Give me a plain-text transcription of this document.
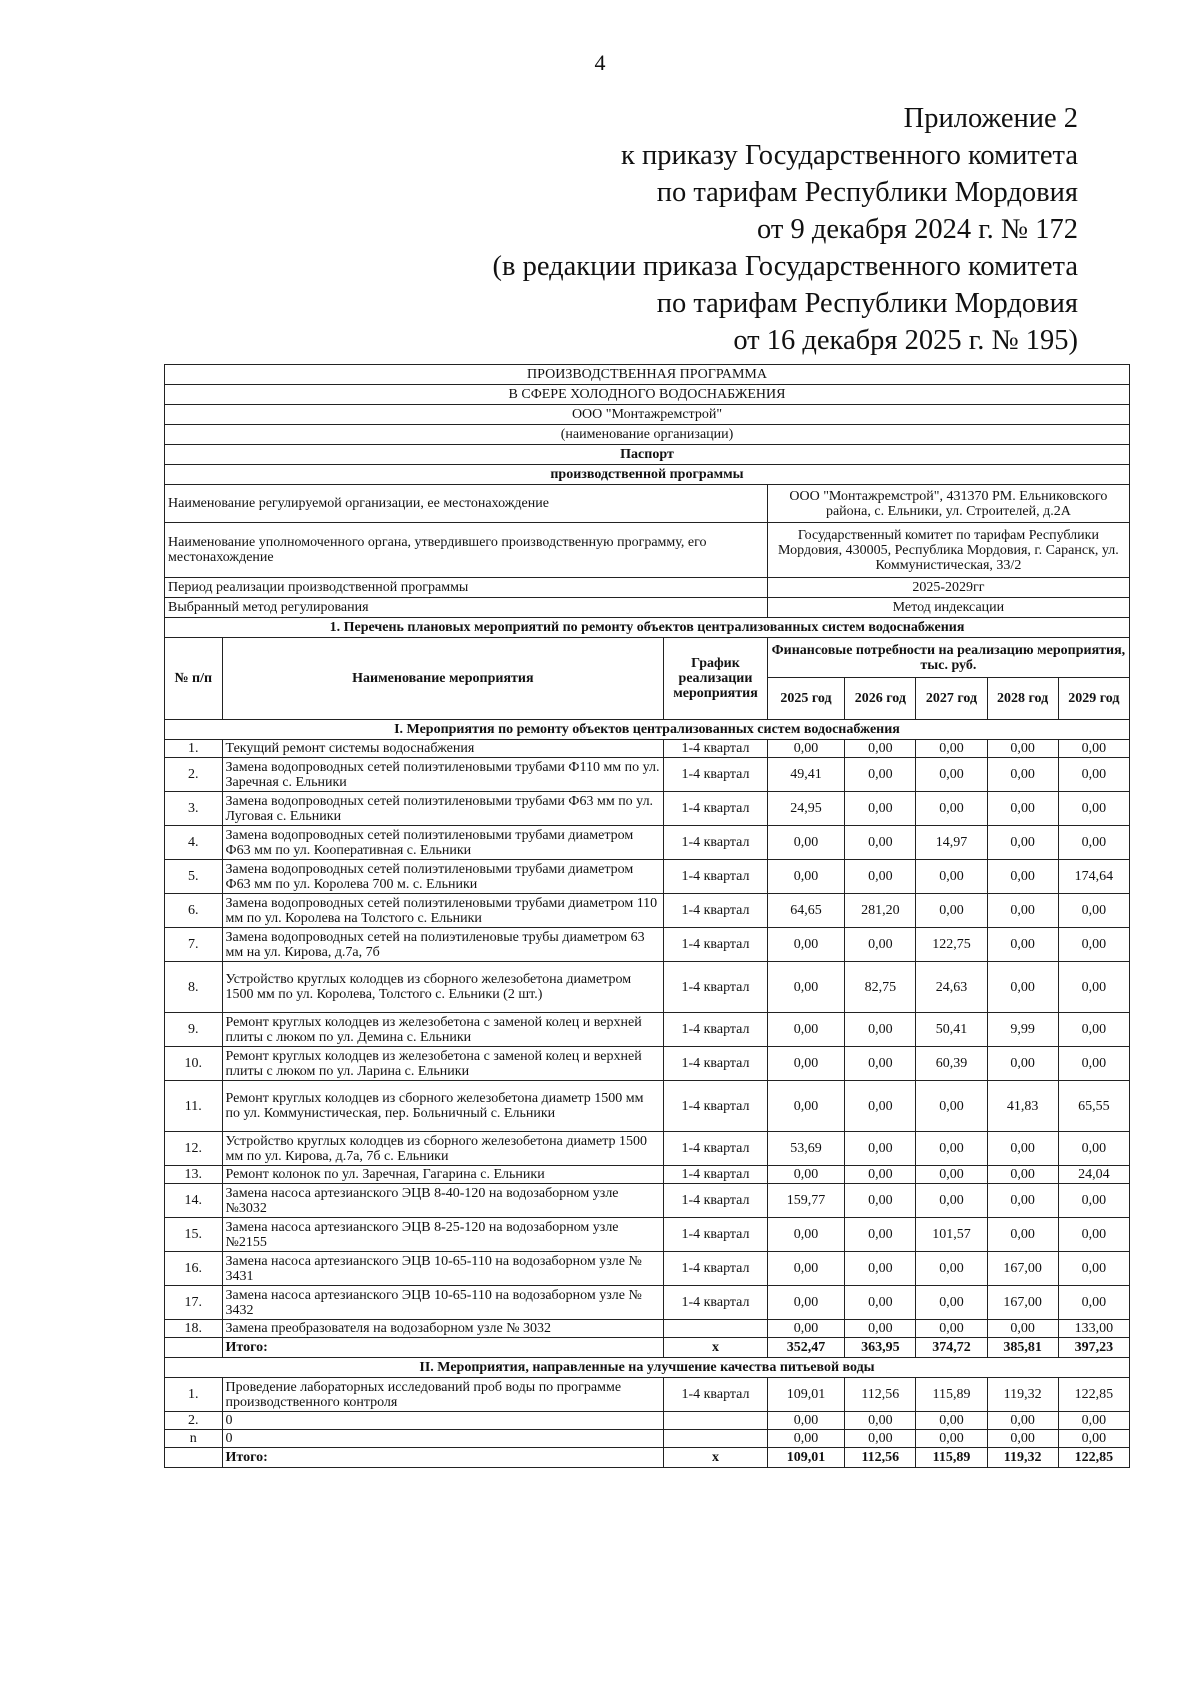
4
Приложение 2
к приказу Государственного комитета
по тарифам Республики Мордовия
от 9 декабря 2024 г. № 172
(в редакции приказа Государственного комитета
по тарифам Республики Мордовия
от 16 декабря 2025 г. № 195)
ПРОИЗВОДСТВЕННАЯ ПРОГРАММА							
В СФЕРЕ ХОЛОДНОГО ВОДОСНАБЖЕНИЯ							
ООО "Монтажремстрой"							
(наименование организации)							
Паспорт							
производственной программы							
Наименование регулируемой организации, ее местонахождение			ООО "Монтажремстрой", 431370 РМ. Ельниковского района, с. Ельники, ул. Строителей, д.2А				
Наименование уполномоченного органа, утвердившего производственную программу, его местонахождение			Государственный комитет по тарифам Республики Мордовия, 430005, Республика Мордовия, г. Саранск, ул. Коммунистическая, 33/2				
Период реализации производственной программы			2025-2029гг				
Выбранный метод регулирования			Метод индексации				
1. Перечень плановых мероприятий по ремонту объектов централизованных систем водоснабжения							
№ п/п	Наименование мероприятия	График реализации мероприятия	Финансовые потребности на реализацию мероприятия, тыс. руб.				
			2025 год	2026 год	2027 год	2028 год	2029 год
I. Мероприятия по ремонту объектов централизованных систем водоснабжения							
1.	Текущий ремонт системы водоснабжения	1-4 квартал	0,00	0,00	0,00	0,00	0,00
2.	Замена водопроводных сетей полиэтиленовыми трубами Ф110 мм по ул. Заречная с. Ельники	1-4 квартал	49,41	0,00	0,00	0,00	0,00
3.	Замена водопроводных сетей полиэтиленовыми трубами Ф63 мм по ул. Луговая с. Ельники	1-4 квартал	24,95	0,00	0,00	0,00	0,00
4.	Замена водопроводных сетей полиэтиленовыми трубами диаметром Ф63 мм по ул. Кооперативная с. Ельники	1-4 квартал	0,00	0,00	14,97	0,00	0,00
5.	Замена водопроводных сетей полиэтиленовыми трубами диаметром Ф63 мм по ул. Королева 700 м. с. Ельники	1-4 квартал	0,00	0,00	0,00	0,00	174,64
6.	Замена водопроводных сетей полиэтиленовыми трубами диаметром 110 мм по ул. Королева на Толстого с. Ельники	1-4 квартал	64,65	281,20	0,00	0,00	0,00
7.	Замена водопроводных сетей на полиэтиленовые трубы диаметром 63 мм на ул. Кирова, д.7а, 7б	1-4 квартал	0,00	0,00	122,75	0,00	0,00
8.	Устройство круглых колодцев из сборного железобетона диаметром 1500 мм по ул. Королева, Толстого с. Ельники (2 шт.)	1-4 квартал	0,00	82,75	24,63	0,00	0,00
9.	Ремонт круглых колодцев из железобетона с заменой колец и верхней плиты с люком по ул. Демина с. Ельники	1-4 квартал	0,00	0,00	50,41	9,99	0,00
10.	Ремонт круглых колодцев из железобетона с заменой колец и верхней плиты с люком по ул. Ларина с. Ельники	1-4 квартал	0,00	0,00	60,39	0,00	0,00
11.	Ремонт круглых колодцев из сборного железобетона диаметр 1500 мм по ул. Коммунистическая, пер. Больничный с. Ельники	1-4 квартал	0,00	0,00	0,00	41,83	65,55
12.	Устройство круглых колодцев из сборного железобетона диаметр 1500 мм по ул. Кирова, д.7а, 7б с. Ельники	1-4 квартал	53,69	0,00	0,00	0,00	0,00
13.	Ремонт колонок по ул. Заречная, Гагарина с. Ельники	1-4 квартал	0,00	0,00	0,00	0,00	24,04
14.	Замена насоса артезианского ЭЦВ 8-40-120 на водозаборном узле №3032	1-4 квартал	159,77	0,00	0,00	0,00	0,00
15.	Замена насоса артезианского ЭЦВ 8-25-120 на водозаборном узле №2155	1-4 квартал	0,00	0,00	101,57	0,00	0,00
16.	Замена насоса артезианского ЭЦВ 10-65-110 на водозаборном узле № 3431	1-4 квартал	0,00	0,00	0,00	167,00	0,00
17.	Замена насоса артезианского ЭЦВ 10-65-110 на водозаборном узле № 3432	1-4 квартал	0,00	0,00	0,00	167,00	0,00
18.	Замена преобразователя на водозаборном узле № 3032		0,00	0,00	0,00	0,00	133,00
	Итого:	x	352,47	363,95	374,72	385,81	397,23
II. Мероприятия, направленные на улучшение качества питьевой воды							
1.	Проведение лабораторных исследований проб воды по программе производственного контроля	1-4 квартал	109,01	112,56	115,89	119,32	122,85
2.	0		0,00	0,00	0,00	0,00	0,00
n	0		0,00	0,00	0,00	0,00	0,00
	Итого:	x	109,01	112,56	115,89	119,32	122,85
